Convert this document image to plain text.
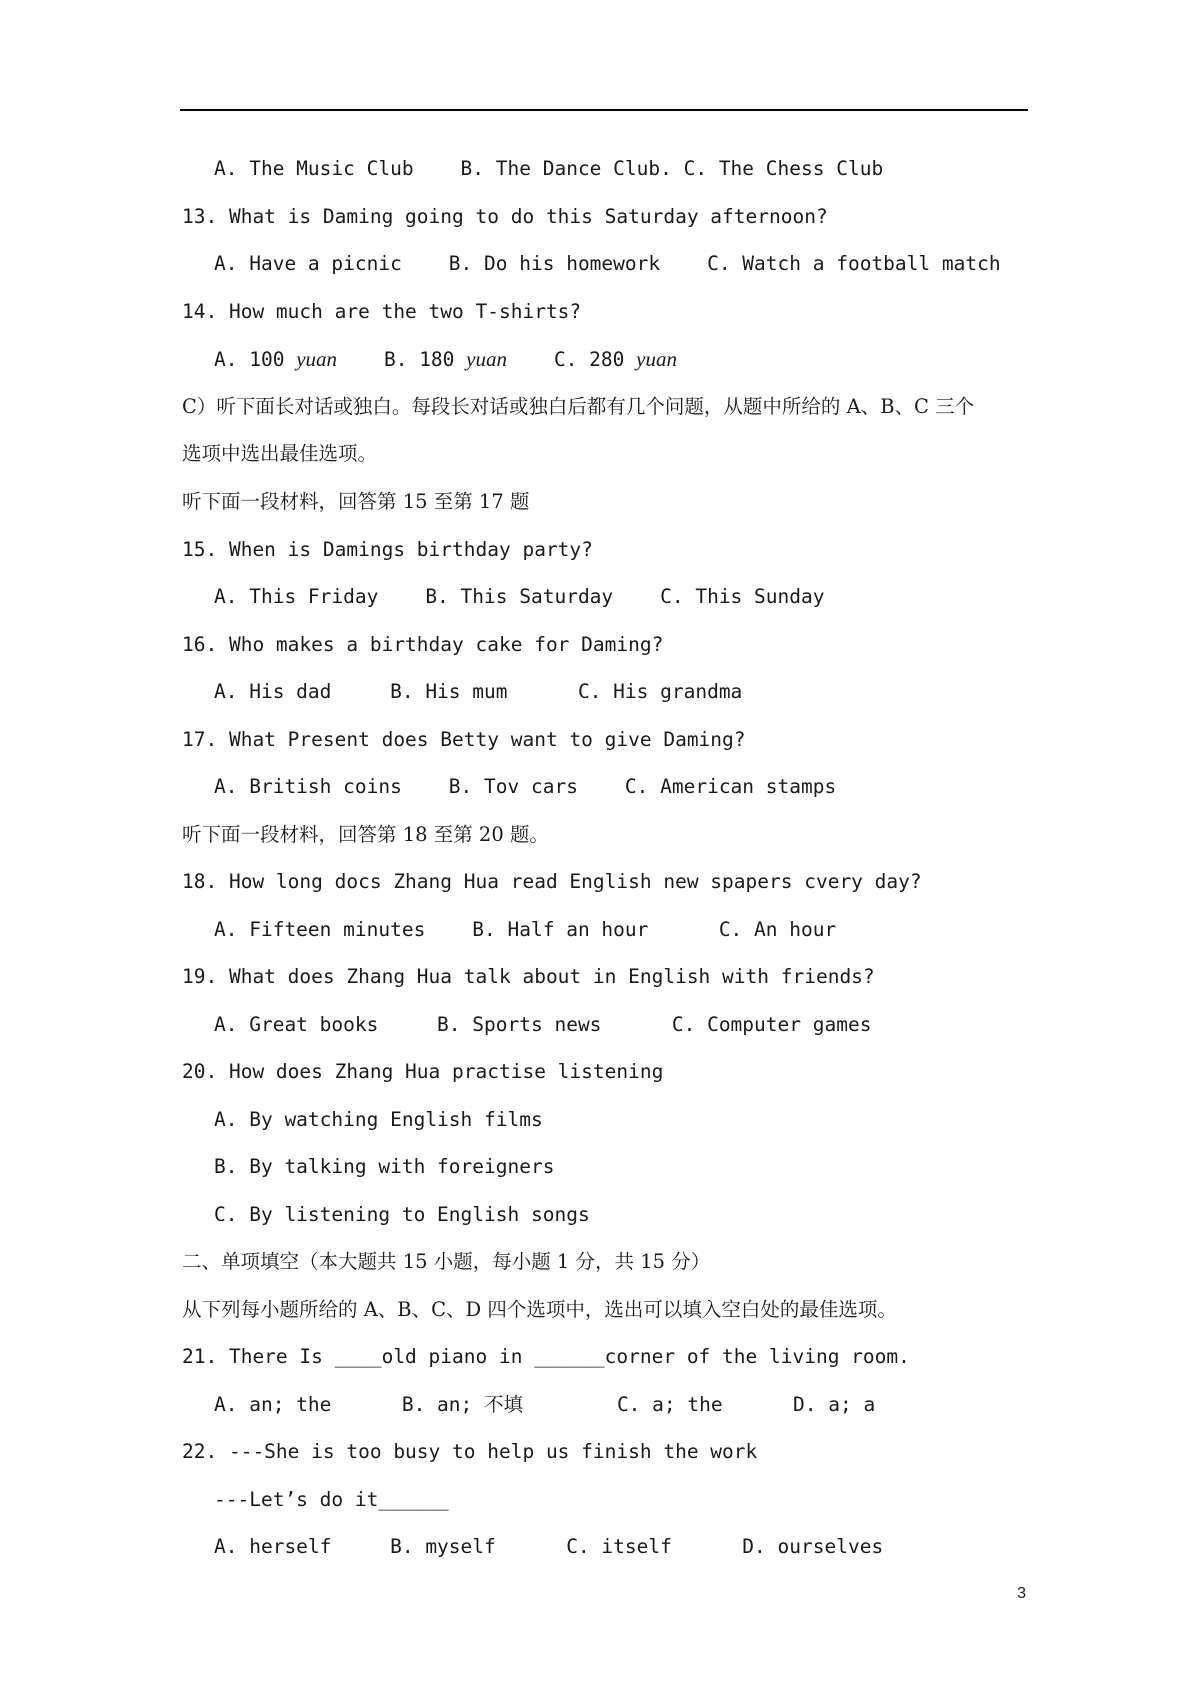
A. The Music Club    B. The Dance Club. C. The Chess Club
13. What is Daming going to do this Saturday afternoon?
A. Have a picnic    B. Do his homework    C. Watch a football match
14. How much are the two T-shirts?
A. 100 yuan    B. 180 yuan    C. 280 yuan
C）听下面长对话或独白。每段长对话或独白后都有几个问题，从题中所给的 A、B、C 三个
选项中选出最佳选项。
听下面一段材料，回答第 15 至第 17 题
15. When is Damings birthday party?
A. This Friday    B. This Saturday    C. This Sunday
16. Who makes a birthday cake for Daming?
A. His dad     B. His mum      C. His grandma
17. What Present does Betty want to give Daming?
A. British coins    B. Tov cars    C. American stamps
听下面一段材料，回答第 18 至第 20 题。
18. How long docs Zhang Hua read English new spapers cvery day?
A. Fifteen minutes    B. Half an hour      C. An hour
19. What does Zhang Hua talk about in English with friends?
A. Great books     B. Sports news      C. Computer games
20. How does Zhang Hua practise listening
A. By watching English films
B. By talking with foreigners
C. By listening to English songs
二、单项填空（本大题共 15 小题，每小题 1 分，共 15 分）
从下列每小题所给的 A、B、C、D 四个选项中，选出可以填入空白处的最佳选项。
21. There Is ____old piano in ______corner of the living room.
A. an; the      B. an; 不填        C. a; the      D. a; a
22. ---She is too busy to help us finish the work
---Let’s do it______
A. herself     B. myself      C. itself      D. ourselves
3
